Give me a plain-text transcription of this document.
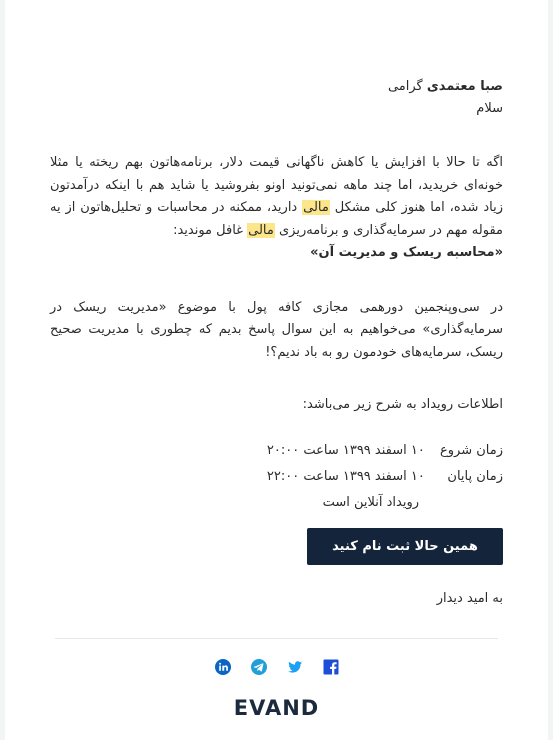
صبا معتمدی گرامی
سلام

اگه تا حالا با افزایش یا کاهش ناگهانی قیمت دلار، برنامه‌هاتون بهم ریخته یا مثلا خونه‌ای خریدید، اما چند ماهه نمی‌تونید اونو بفروشید یا شاید هم با اینکه درآمدتون زیاد شده، اما هنوز کلی مشکل مالی دارید، ممکنه در محاسبات و تحلیل‌هاتون از یه مقوله مهم در سرمایه‌گذاری و برنامه‌ریزی مالی غافل موندید:
«محاسبه ریسک و مدیریت آن»

در سی‌وپنجمین دورهمی مجازی کافه پول با موضوع «مدیریت ریسک در سرمایه‌گذاری» می‌خواهیم به این سوال پاسخ بدیم که چطوری با مدیریت صحیح ریسک، سرمایه‌های خودمون رو به باد ندیم؟!

اطلاعات رویداد به شرح زیر می‌باشد:
زمان شروع ۱۰ اسفند ۱۳۹۹ ساعت ۲۰:۰۰
زمان پایان ۱۰ اسفند ۱۳۹۹ ساعت ۲۲:۰۰
رویداد آنلاین است
همین حالا ثبت نام کنید
به امید دیدار
EVAND
